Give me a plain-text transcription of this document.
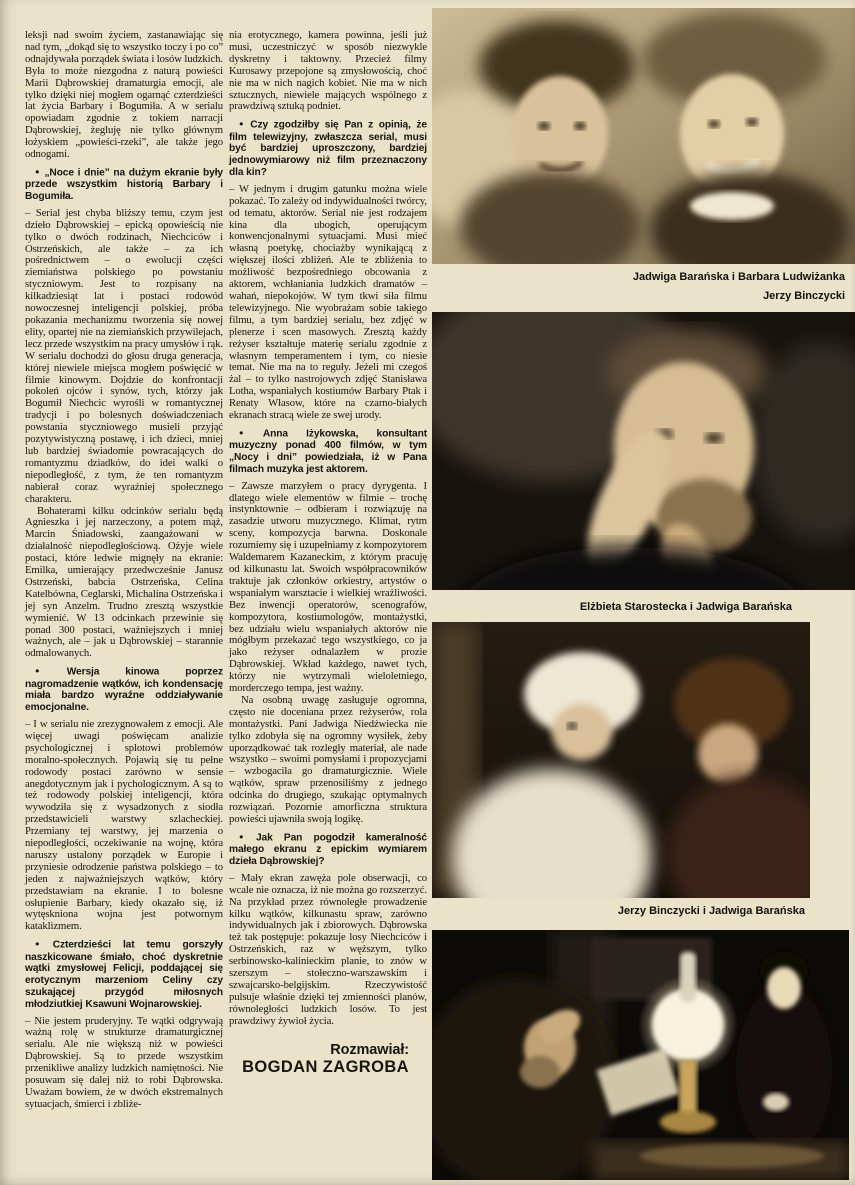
leksji nad swoim życiem, zastanawiając się nad tym, „dokąd się to wszystko toczy i po co” odnajdywała porządek świata i losów ludzkich. Była to może niezgodna z naturą powieści Marii Dąbrowskiej dramaturgia emocji, ale tylko dzięki niej mogłem ogarnąć czterdzieści lat życia Barbary i Bogumiła. A w serialu opowiadam zgodnie z tokiem narracji Dąbrowskiej, żegluję nie tylko głównym łożyskiem „powieści-rzeki”, ale także jego odnogami.

● „Noce i dnie” na dużym ekranie były przede wszystkim historią Barbary i Bogumiła.

– Serial jest chyba bliższy temu, czym jest dzieło Dąbrowskiej – epicką opowieścią nie tylko o dwóch rodzinach, Niechciców i Ostrzeńskich, ale także – za ich pośrednictwem – o ewolucji części ziemiaństwa polskiego po powstaniu styczniowym. Jest to rozpisany na kilkadziesiąt lat i postaci rodowód nowoczesnej inteligencji polskiej, próba pokazania mechanizmu tworzenia się nowej elity, opartej nie na ziemiańskich przywilejach, lecz przede wszystkim na pracy umysłów i rąk. W serialu dochodzi do głosu druga generacja, której niewiele miejsca mogłem poświęcić w filmie kinowym. Dojdzie do konfrontacji pokoleń ojców i synów, tych, którzy jak Bogumił Niechcic wyrośli w romantycznej tradycji i po bolesnych doświadczeniach powstania styczniowego musieli przyjąć pozytywistyczną postawę, i ich dzieci, mniej lub bardziej świadomie powracających do romantyzmu dziadków, do idei walki o niepodległość, z tym, że ten romantyzm nabierał coraz wyraźniej społecznego charakteru.

Bohaterami kilku odcinków serialu będą Agnieszka i jej narzeczony, a potem mąż, Marcin Śniadowski, zaangażowani w działalność niepodległościową. Ożyje wiele postaci, które ledwie mignęły na ekranie: Emilka, umierający przedwcześnie Janusz Ostrzeński, babcia Ostrzeńska, Celina Katelbówna, Ceglarski, Michalina Ostrzeńska i jej syn Anzelm. Trudno zresztą wszystkie wymienić. W 13 odcinkach przewinie się ponad 300 postaci, ważniejszych i mniej ważnych, ale – jak u Dąbrowskiej – starannie odmalowanych.

● Wersja kinowa poprzez nagromadzenie wątków, ich kondensację miała bardzo wyraźne oddziaływanie emocjonalne.

– I w serialu nie zrezygnowałem z emocji. Ale więcej uwagi poświęcam analizie psychologicznej i splotowi problemów moralno-społecznych. Pojawią się tu pełne rodowody postaci zarówno w sensie anegdotycznym jak i pychologicznym. A są to też rodowody polskiej inteligencji, która wywodziła się z wysadzonych z siodła przedstawicieli warstwy szlacheckiej. Przemiany tej warstwy, jej marzenia o niepodległości, oczekiwanie na wojnę, która naruszy ustalony porządek w Europie i przyniesie odrodzenie państwa polskiego – to jeden z najważniejszych wątków, który przedstawiam na ekranie. I to bolesne osłupienie Barbary, kiedy okazało się, iż wytęskniona wojna jest potwornym kataklizmem.

● Czterdzieści lat temu gorszyły naszkicowane śmiało, choć dyskretnie wątki zmysłowej Felicji, poddającej się erotycznym marzeniom Celiny czy szukającej przygód miłosnych młodziutkiej Ksawuni Wojnarowskiej.

– Nie jestem pruderyjny. Te wątki odgrywają ważną rolę w strukturze dramaturgicznej serialu. Ale nie większą niż w powieści Dąbrowskiej. Są to przede wszystkim przenikliwe analizy ludzkich namiętności. Nie posuwam się dalej niż to robi Dąbrowska. Uważam bowiem, że w dwóch ekstremalnych sytuacjach, śmierci i zbliże-

nia erotycznego, kamera powinna, jeśli już musi, uczestniczyć w sposób niezwykle dyskretny i taktowny. Przecież filmy Kurosawy przepojone są zmysłowością, choć nie ma w nich nagich kobiet. Nie ma w nich sztucznych, niewiele mających wspólnego z prawdziwą sztuką podniet.

● Czy zgodziłby się Pan z opinią, że film telewizyjny, zwłaszcza serial, musi być bardziej uproszczony, bardziej jednowymiarowy niż film przeznaczony dla kin?

– W jednym i drugim gatunku można wiele pokazać. To zależy od indywidualności twórcy, od tematu, aktorów. Serial nie jest rodzajem kina dla ubogich, operującym konwencjonalnymi sytuacjami. Musi mieć własną poetykę, chociażby wynikającą z większej ilości zbliżeń. Ale te zbliżenia to możliwość bezpośredniego obcowania z aktorem, wchłaniania ludzkich dramatów – wahań, niepokojów. W tym tkwi siła filmu telewizyjnego. Nie wyobrażam sobie takiego filmu, a tym bardziej serialu, bez zdjęć w plenerze i scen masowych. Zresztą każdy reżyser kształtuje materię serialu zgodnie z własnym temperamentem i tym, co niesie temat. Nie ma na to reguły. Jeżeli mi czegoś żal – to tylko nastrojowych zdjęć Stanisława Lotha, wspaniałych kostiumów Barbary Ptak i Renaty Własow, które na czarno-białych ekranach stracą wiele ze swej urody.

● Anna Iżykowska, konsultant muzyczny ponad 400 filmów, w tym „Nocy i dni” powiedziała, iż w Pana filmach muzyka jest aktorem.

– Zawsze marzyłem o pracy dyrygenta. I dlatego wiele elementów w filmie – trochę instynktownie – odbieram i rozwiązuję na zasadzie utworu muzycznego. Klimat, rytm sceny, kompozycja barwna. Doskonale rozumiemy się i uzupełniamy z kompozytorem Waldemarem Kazaneckim, z którym pracuję od kilkunastu lat. Swoich współpracowników traktuje jak członków orkiestry, artystów o wspaniałym warsztacie i wielkiej wrażliwości. Bez inwencji operatorów, scenografów, kompozytora, kostiumologów, montażystki, bez udziału wielu wspaniałych aktorów nie mógłbym przekazać tego wszystkiego, co ja jako reżyser odnalazłem w prozie Dąbrowskiej. Wkład każdego, nawet tych, którzy nie wytrzymali wieloletniego, morderczego tempa, jest ważny.

Na osobną uwagę zasługuje ogromna, często nie doceniana przez reżyserów, rola montażystki. Pani Jadwiga Niedźwiecka nie tylko zdobyła się na ogromny wysiłek, żeby uporządkować tak rozległy materiał, ale nade wszystko – swoimi pomysłami i propozycjami – wzbogaciła go dramaturgicznie. Wiele wątków, spraw przenosiliśmy z jednego odcinka do drugiego, szukając optymalnych rozwiązań. Pozornie amorficzna struktura powieści ujawniła swoją logikę.

● Jak Pan pogodził kameralność małego ekranu z epickim wymiarem dzieła Dąbrowskiej?

– Mały ekran zawęża pole obserwacji, co wcale nie oznacza, iż nie można go rozszerzyć. Na przykład przez równoległe prowadzenie kilku wątków, kilkunastu spraw, zarówno indywidualnych jak i zbiorowych. Dąbrowska też tak postępuje: pokazuje losy Niechciców i Ostrzeńskich, raz w węższym, tylko serbinowsko-kalinieckim planie, to znów w szerszym – stołeczno-warszawskim i szwajcarsko-belgijskim. Rzeczywistość pulsuje właśnie dzięki tej zmienności planów, równoległości ludzkich losów. To jest prawdziwy żywioł życia.

Rozmawiał:
BOGDAN ZAGROBA
Jadwiga Barańska i Barbara Ludwiżanka
Jerzy Binczycki
Elżbieta Starostecka i Jadwiga Barańska
Jerzy Binczycki i Jadwiga Barańska
